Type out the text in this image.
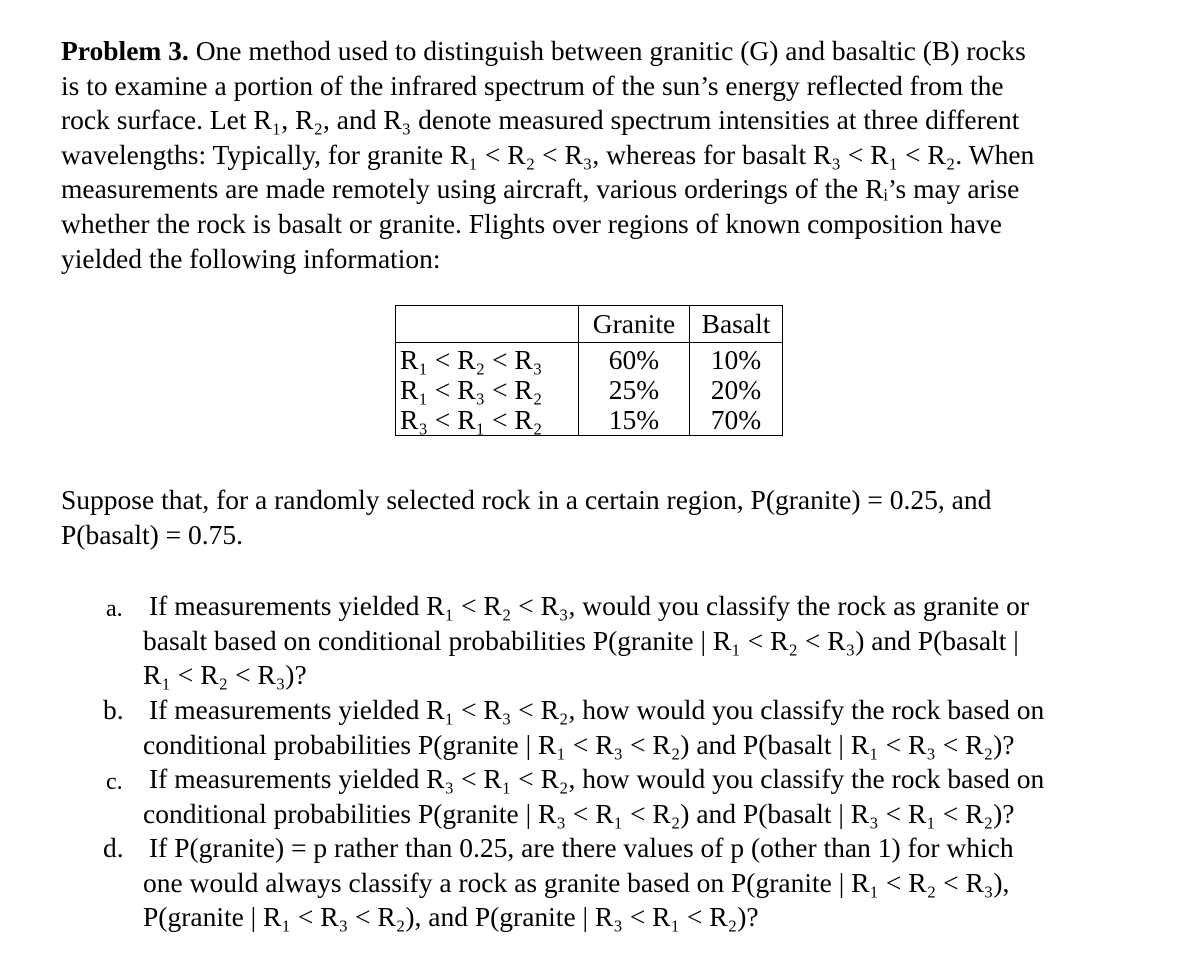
Problem 3. One method used to distinguish between granitic (G) and basaltic (B) rocks
is to examine a portion of the infrared spectrum of the sun’s energy reflected from the
rock surface. Let R₁, R₂, and R₃ denote measured spectrum intensities at three different
wavelengths: Typically, for granite R₁ < R₂ < R₃, whereas for basalt R₃ < R₁ < R₂. When
measurements are made remotely using aircraft, various orderings of the Rᵢ’s may arise
whether the rock is basalt or granite. Flights over regions of known composition have
yielded the following information:
	Granite	Basalt
R₁ < R₂ < R₃	60%	10%
R₁ < R₃ < R₂	25%	20%
R₃ < R₁ < R₂	15%	70%
Suppose that, for a randomly selected rock in a certain region, P(granite) = 0.25, and
P(basalt) = 0.75.
a. If measurements yielded R₁ < R₂ < R₃, would you classify the rock as granite or
basalt based on conditional probabilities P(granite | R₁ < R₂ < R₃) and P(basalt |
R₁ < R₂ < R₃)?
b. If measurements yielded R₁ < R₃ < R₂, how would you classify the rock based on
conditional probabilities P(granite | R₁ < R₃ < R₂) and P(basalt | R₁ < R₃ < R₂)?
c. If measurements yielded R₃ < R₁ < R₂, how would you classify the rock based on
conditional probabilities P(granite | R₃ < R₁ < R₂) and P(basalt | R₃ < R₁ < R₂)?
d. If P(granite) = p rather than 0.25, are there values of p (other than 1) for which
one would always classify a rock as granite based on P(granite | R₁ < R₂ < R₃),
P(granite | R₁ < R₃ < R₂), and P(granite | R₃ < R₁ < R₂)?
